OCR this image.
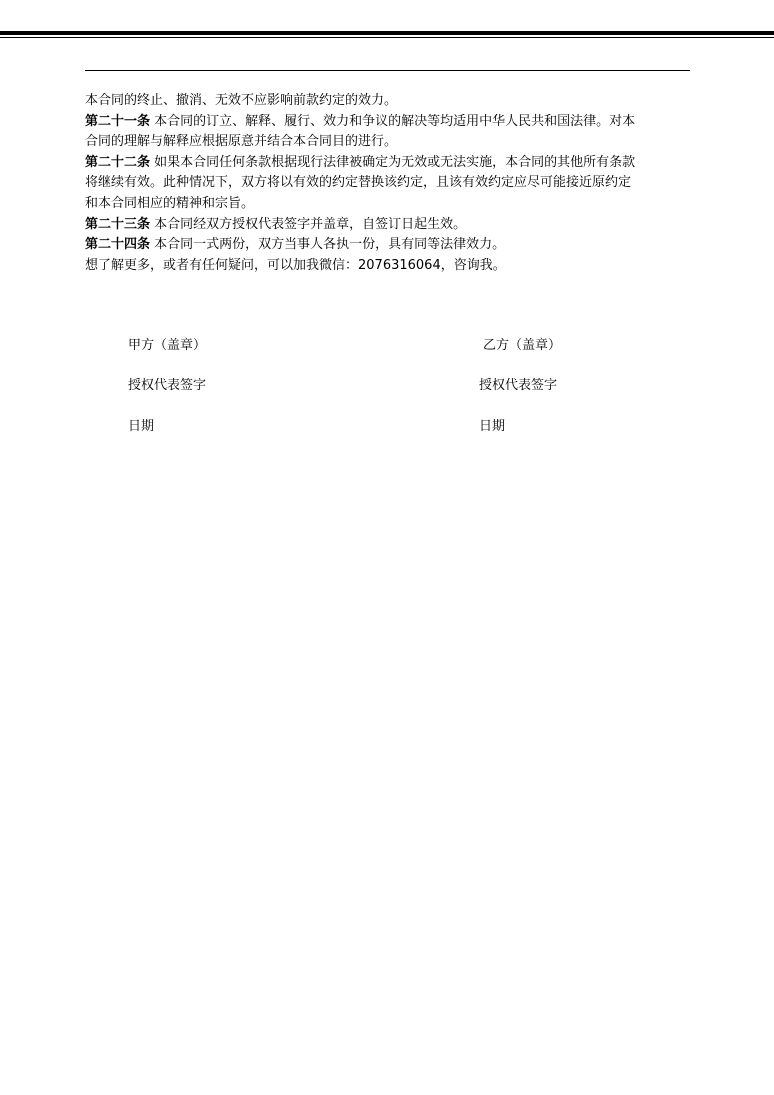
本合同的终止、撤消、无效不应影响前款约定的效力。

第二十一条 本合同的订立、解释、履行、效力和争议的解决等均适用中华人民共和国法律。对本

合同的理解与解释应根据原意并结合本合同目的进行。

第二十二条 如果本合同任何条款根据现行法律被确定为无效或无法实施，本合同的其他所有条款

将继续有效。此种情况下，双方将以有效的约定替换该约定，且该有效约定应尽可能接近原约定

和本合同相应的精神和宗旨。

第二十三条 本合同经双方授权代表签字并盖章，自签订日起生效。

第二十四条 本合同一式两份，双方当事人各执一份，具有同等法律效力。

想了解更多，或者有任何疑问，可以加我微信：2076316064，咨询我。

甲方（盖章）
授权代表签字
日期
乙方（盖章）
授权代表签字
日期
